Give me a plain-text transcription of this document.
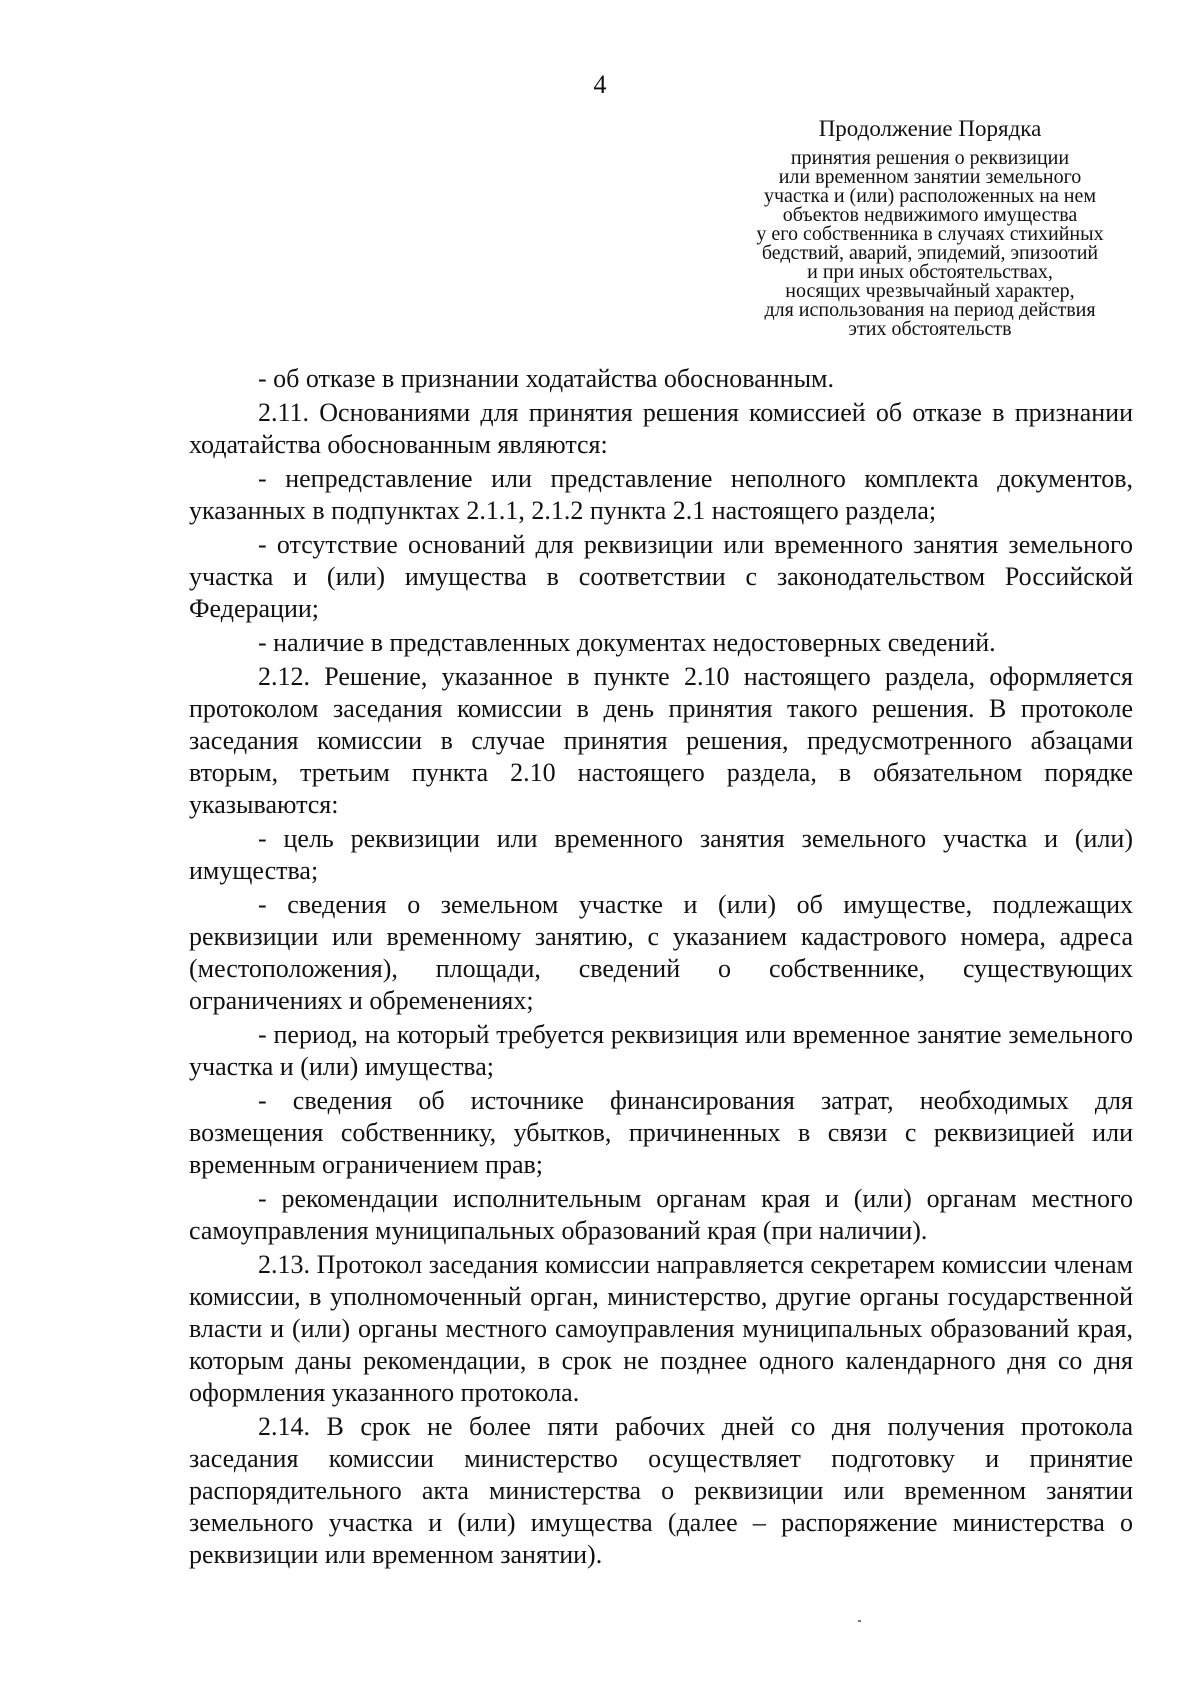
4
Продолжение Порядка
принятия решения о реквизиции
или временном занятии земельного
участка и (или) расположенных на нем
объектов недвижимого имущества
у его собственника в случаях стихийных
бедствий, аварий, эпидемий, эпизоотий
и при иных обстоятельствах,
носящих чрезвычайный характер,
для использования на период действия
этих обстоятельств

- об отказе в признании ходатайства обоснованным.

2.11. Основаниями для принятия решения комиссией об отказе в признании ходатайства обоснованным являются:

- непредставление или представление неполного комплекта документов, указанных в подпунктах 2.1.1, 2.1.2 пункта 2.1 настоящего раздела;

- отсутствие оснований для реквизиции или временного занятия земельного участка и (или) имущества в соответствии с законодательством Российской Федерации;

- наличие в представленных документах недостоверных сведений.

2.12. Решение, указанное в пункте 2.10 настоящего раздела, оформляется протоколом заседания комиссии в день принятия такого решения. В протоколе заседания комиссии в случае принятия решения, предусмотренного абзацами вторым, третьим пункта 2.10 настоящего раздела, в обязательном порядке указываются:

- цель реквизиции или временного занятия земельного участка и (или) имущества;

- сведения о земельном участке и (или) об имуществе, подлежащих реквизиции или временному занятию, с указанием кадастрового номера, адреса (местоположения), площади, сведений о собственнике, существующих ограничениях и обременениях;

- период, на который требуется реквизиция или временное занятие земельного участка и (или) имущества;

- сведения об источнике финансирования затрат, необходимых для возмещения собственнику, убытков, причиненных в связи с реквизицией или временным ограничением прав;

- рекомендации исполнительным органам края и (или) органам местного самоуправления муниципальных образований края (при наличии).

2.13. Протокол заседания комиссии направляется секретарем комиссии членам комиссии, в уполномоченный орган, министерство, другие органы государственной власти и (или) органы местного самоуправления муниципальных образований края, которым даны рекомендации, в срок не позднее одного календарного дня со дня оформления указанного протокола.

2.14. В срок не более пяти рабочих дней со дня получения протокола заседания комиссии министерство осуществляет подготовку и принятие распорядительного акта министерства о реквизиции или временном занятии земельного участка и (или) имущества (далее – распоряжение министерства о реквизиции или временном занятии).
